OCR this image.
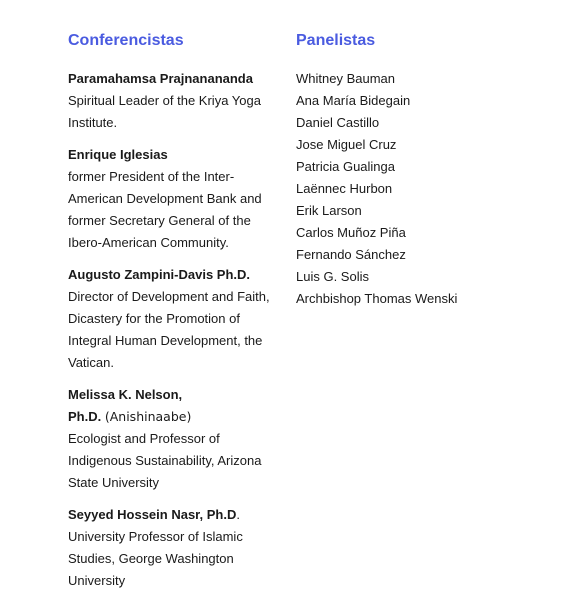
Conferencistas
Paramahamsa Prajnanananda
Spiritual Leader of the Kriya Yoga
Institute.
Enrique Iglesias
former President of the Inter-
American Development Bank and
former Secretary General of the
Ibero-American Community.
Augusto Zampini-Davis Ph.D.
Director of Development and Faith,
Dicastery for the Promotion of
Integral Human Development, the
Vatican.
Melissa K. Nelson,
Ph.D. (Anishinaabe)
Ecologist and Professor of
Indigenous Sustainability, Arizona
State University
Seyyed Hossein Nasr, Ph.D.
University Professor of Islamic
Studies, George Washington
University
Panelistas
Whitney Bauman
Ana María Bidegain
Daniel Castillo
Jose Miguel Cruz
Patricia Gualinga
Laënnec Hurbon
Erik Larson
Carlos Muñoz Piña
Fernando Sánchez
Luis G. Solis
Archbishop Thomas Wenski
